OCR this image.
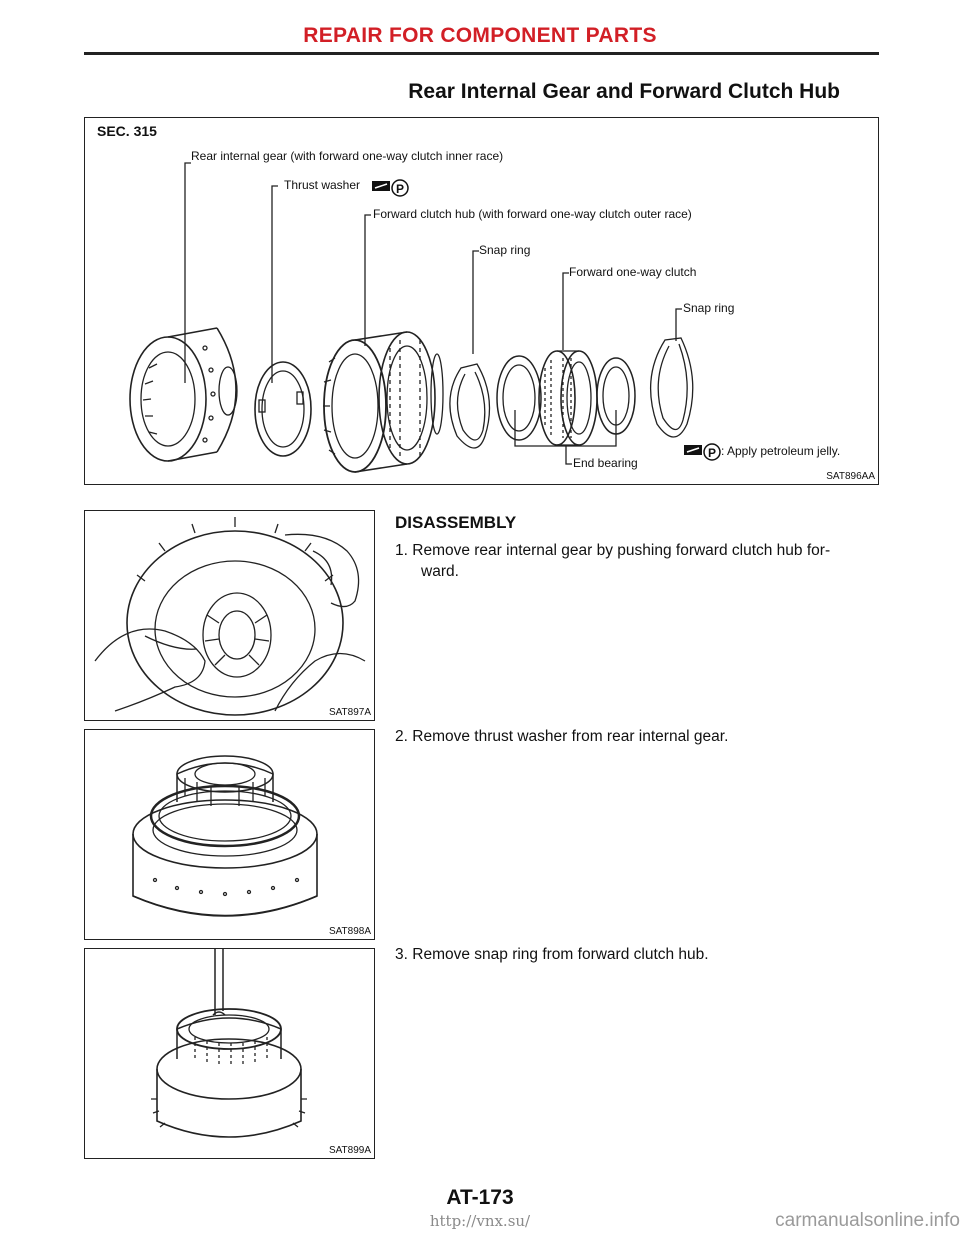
REPAIR FOR COMPONENT PARTS
Rear Internal Gear and Forward Clutch Hub
SEC. 315
Rear internal gear (with forward one-way clutch inner race)
Thrust washer	P
Forward clutch hub (with forward one-way clutch outer race)
Snap ring
Forward one-way clutch
Snap ring
End bearing
P : Apply petroleum jelly.
SAT896AA
SAT897A
SAT898A
SAT899A
DISASSEMBLY
1. Remove rear internal gear by pushing forward clutch hub for-
ward.
2. Remove thrust washer from rear internal gear.
3. Remove snap ring from forward clutch hub.
AT-173
http://vnx.su/	carmanualsonline.info
